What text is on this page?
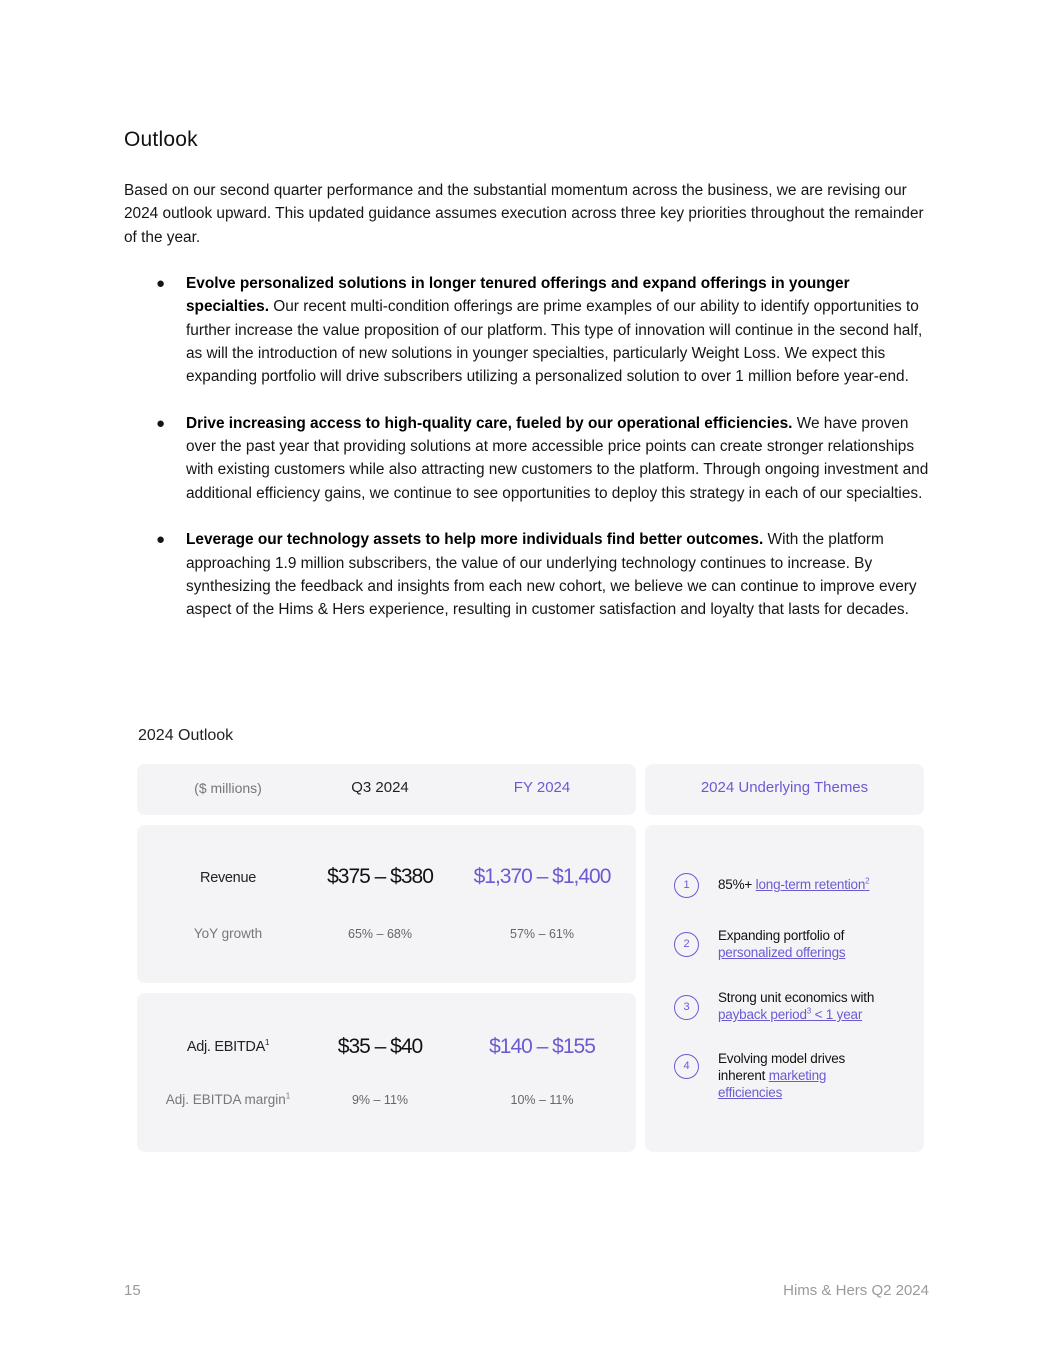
Outlook

Based on our second quarter performance and the substantial momentum across the business, we are revising our 2024 outlook upward. This updated guidance assumes execution across three key priorities throughout the remainder of the year.

● Evolve personalized solutions in longer tenured offerings and expand offerings in younger specialties. Our recent multi-condition offerings are prime examples of our ability to identify opportunities to further increase the value proposition of our platform. This type of innovation will continue in the second half, as will the introduction of new solutions in younger specialties, particularly Weight Loss. We expect this expanding portfolio will drive subscribers utilizing a personalized solution to over 1 million before year-end.
● Drive increasing access to high-quality care, fueled by our operational efficiencies. We have proven over the past year that providing solutions at more accessible price points can create stronger relationships with existing customers while also attracting new customers to the platform. Through ongoing investment and additional efficiency gains, we continue to see opportunities to deploy this strategy in each of our specialties.
● Leverage our technology assets to help more individuals find better outcomes. With the platform approaching 1.9 million subscribers, the value of our underlying technology continues to increase. By synthesizing the feedback and insights from each new cohort, we believe we can continue to improve every aspect of the Hims & Hers experience, resulting in customer satisfaction and loyalty that lasts for decades.
2024 Outlook
($ millions)	Q3 2024	FY 2024	2024 Underlying Themes
Revenue	$375 – $380 $1,370 – $1,400
YoY growth	65% – 68%	57% – 61%
Adj. EBITDA$^1$	$35 – $40	$140 – $155
Adj. EBITDA margin$^1$	9% – 11%	10% – 11%
1	85%+ long-term retention$^2$
2
Expanding portfolio of personalized offerings
3
Strong unit economics with payback period$^3$ < 1 year
4	Evolving model drives inherent marketing efficiencies
15	Hims & Hers Q2 2024
